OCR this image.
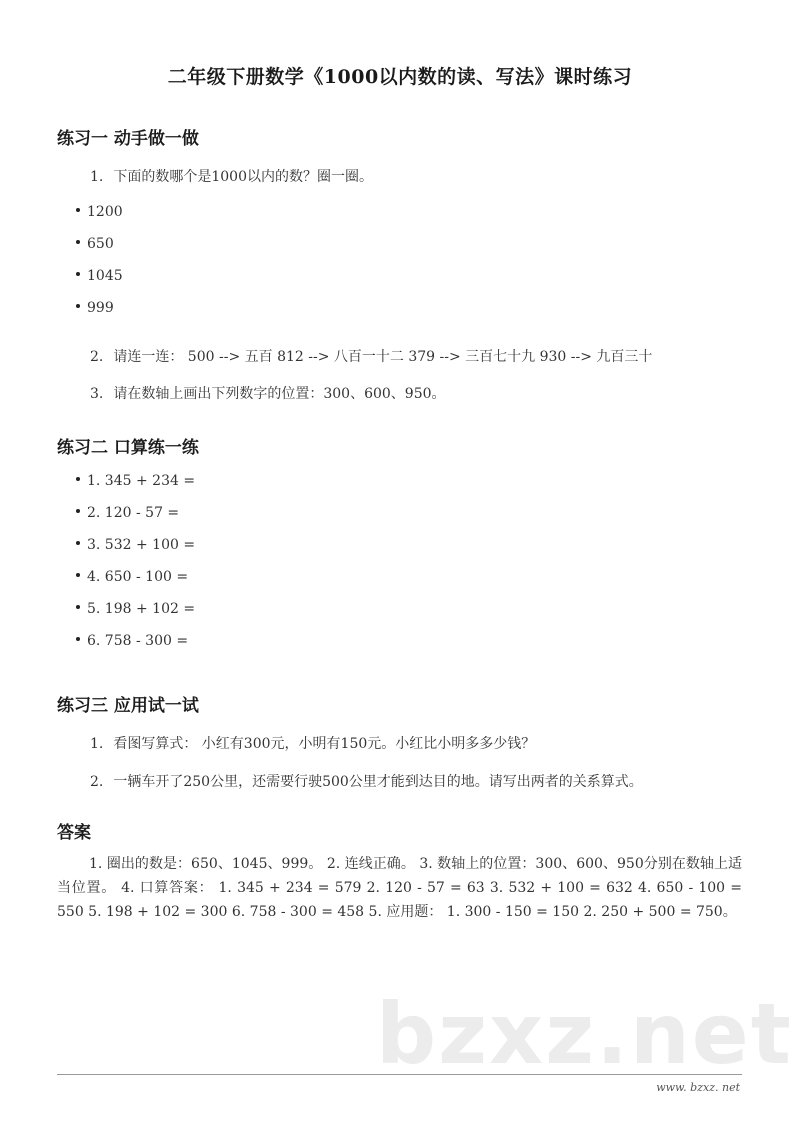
二年级下册数学《1000以内数的读、写法》课时练习
练习一 动手做一做
1. 下面的数哪个是1000以内的数？圈一圈。
1200
650
1045
999
2. 请连一连： 500 --> 五百 812 --> 八百一十二 379 --> 三百七十九 930 --> 九百三十
3. 请在数轴上画出下列数字的位置：300、600、950。
练习二 口算练一练
1. 345 + 234 =
2. 120 - 57 =
3. 532 + 100 =
4. 650 - 100 =
5. 198 + 102 =
6. 758 - 300 =
练习三 应用试一试
1. 看图写算式： 小红有300元，小明有150元。小红比小明多多少钱？
2. 一辆车开了250公里，还需要行驶500公里才能到达目的地。请写出两者的关系算式。
答案
1. 圈出的数是：650、1045、999。 2. 连线正确。 3. 数轴上的位置：300、600、950分别在数轴上适当位置。 4. 口算答案： 1. 345 + 234 = 579 2. 120 - 57 = 63 3. 532 + 100 = 632 4. 650 - 100 = 550 5. 198 + 102 = 300 6. 758 - 300 = 458 5. 应用题： 1. 300 - 150 = 150 2. 250 + 500 = 750。
bzxz.net
www. bzxz. net
